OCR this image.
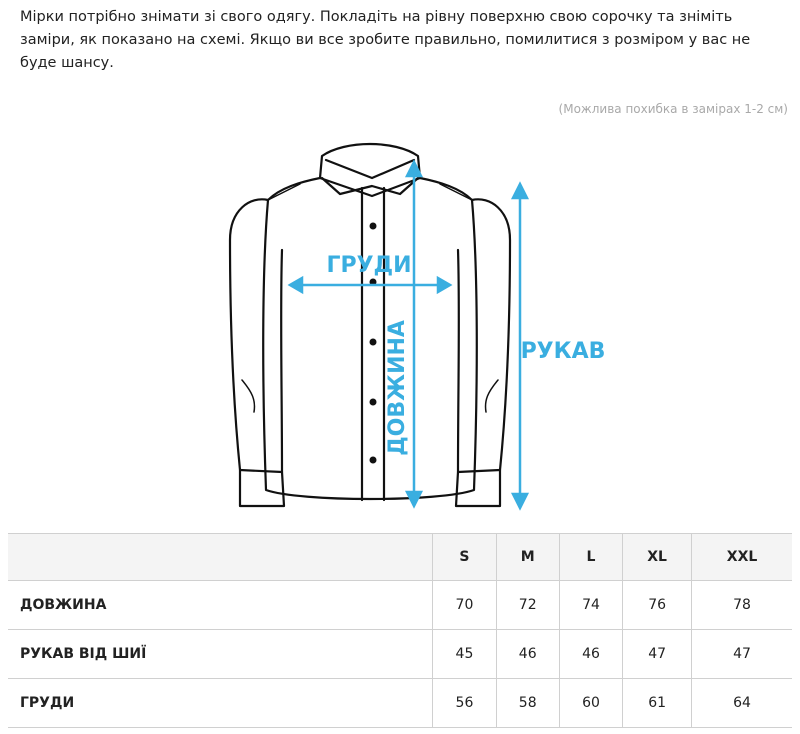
Мірки потрібно знімати зі свого одягу. Покладіть на рівну поверхню свою сорочку та зніміть заміри, як показано на схемі. Якщо ви все зробите правильно, помилитися з розміром у вас не буде шансу.
(Можлива похибка в замірах 1-2 см)
ГРУДИ
ДОВЖИНА	РУКАВ
	S	M	L	XL	XXL
ДОВЖИНА	70	72	74	76	78
РУКАВ ВІД ШИЇ	45	46	46	47	47
ГРУДИ	56	58	60	61	64
